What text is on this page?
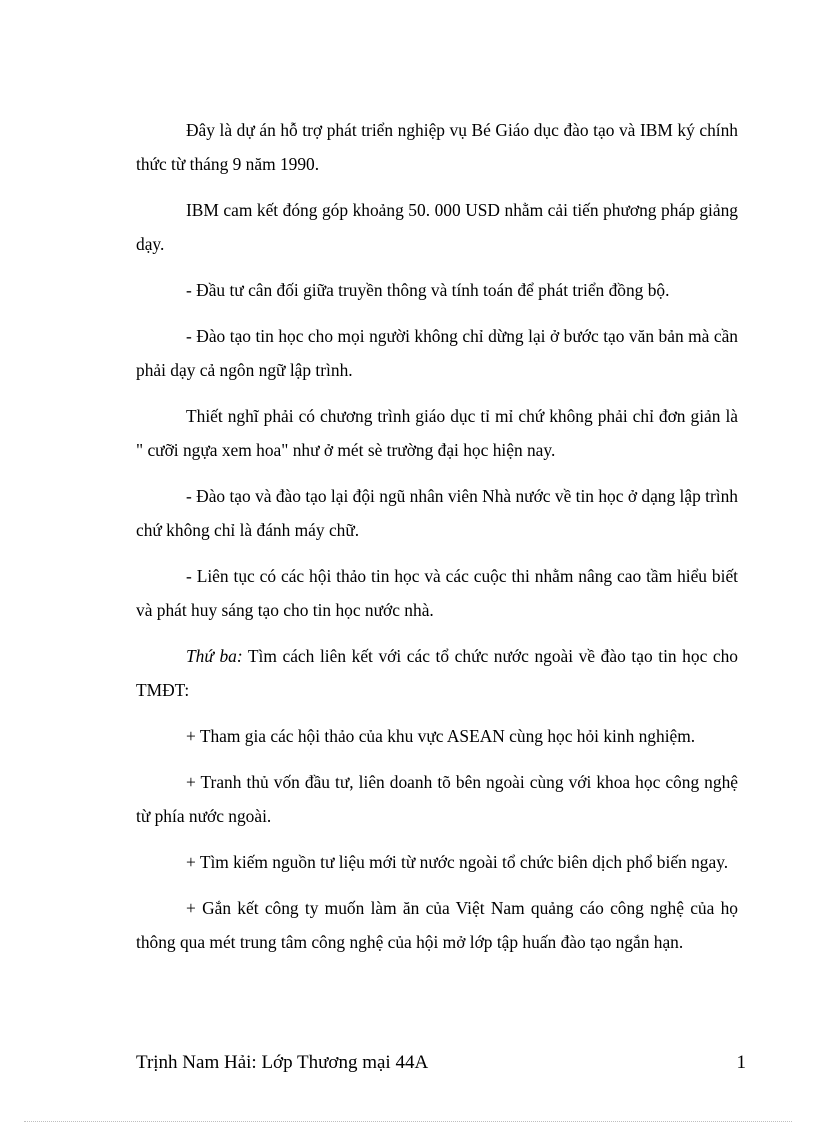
Đây là dự án hỗ trợ phát triển nghiệp vụ Bé Giáo dục đào tạo và IBM ký chính thức từ tháng 9 năm 1990.

IBM cam kết đóng góp khoảng 50. 000 USD nhằm cải tiến phương pháp giảng dạy.

- Đầu tư cân đối giữa truyền thông và tính toán để phát triển đồng bộ.

- Đào tạo tin học cho mọi người không chỉ dừng lại ở bước tạo văn bản mà cần phải dạy cả ngôn ngữ lập trình.

Thiết nghĩ phải có chương trình giáo dục tỉ mỉ chứ không phải chỉ đơn giản là " cưỡi ngựa xem hoa" như ở mét sè trường đại học hiện nay.

- Đào tạo và đào tạo lại đội ngũ nhân viên Nhà nước về tin học ở dạng lập trình chứ không chỉ là đánh máy chữ.

- Liên tục có các hội thảo tin học và các cuộc thi nhằm nâng cao tầm hiểu biết và phát huy sáng tạo cho tin học nước nhà.

Thứ ba: Tìm cách liên kết với các tổ chức nước ngoài về đào tạo tin học cho TMĐT:

+ Tham gia các hội thảo của khu vực ASEAN cùng học hỏi kinh nghiệm.

+ Tranh thủ vốn đầu tư, liên doanh tõ bên ngoài cùng với khoa học công nghệ từ phía nước ngoài.

+ Tìm kiếm nguồn tư liệu mới từ nước ngoài tổ chức biên dịch phổ biến ngay.

+ Gắn kết công ty muốn làm ăn của Việt Nam quảng cáo công nghệ của họ thông qua mét trung tâm công nghệ của hội mở lớp tập huấn đào tạo ngắn hạn.

Trịnh Nam Hải: Lớp Thương mại 44A	1
